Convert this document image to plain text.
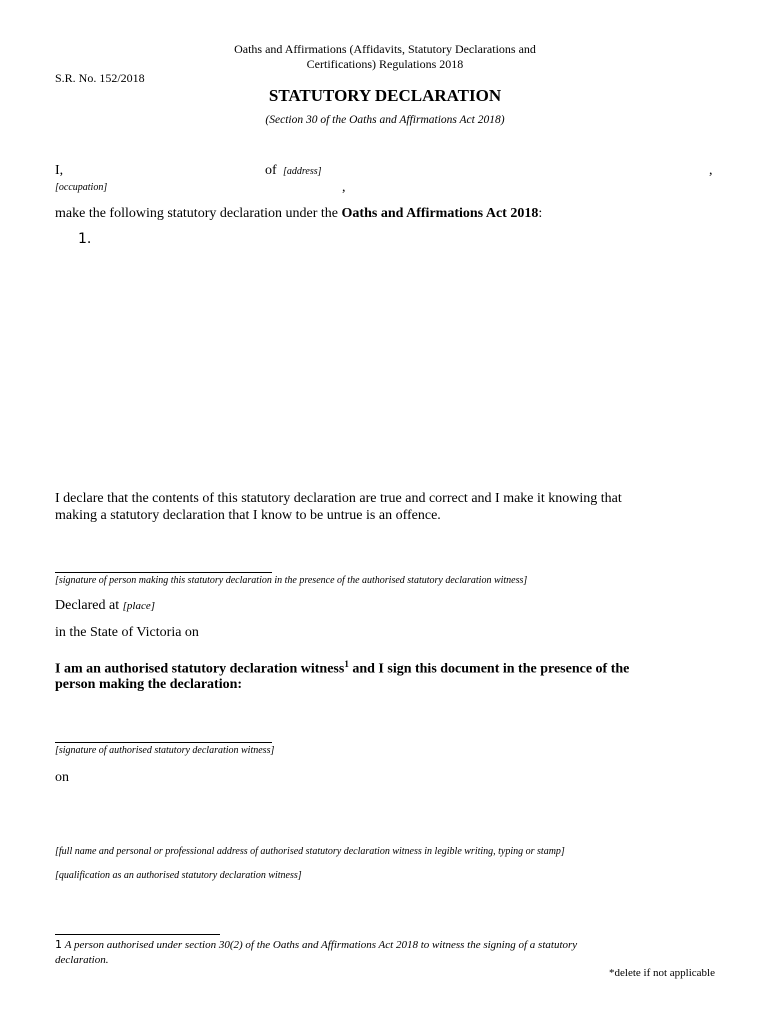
Oaths and Affirmations (Affidavits, Statutory Declarations and
Certifications) Regulations 2018
S.R. No. 152/2018
STATUTORY DECLARATION
(Section 30 of the Oaths and Affirmations Act 2018)
I,	of [address]	,
[occupation]	,
make the following statutory declaration under the Oaths and Affirmations Act 2018:
1.
I declare that the contents of this statutory declaration are true and correct and I make it knowing that
making a statutory declaration that I know to be untrue is an offence.
[signature of person making this statutory declaration in the presence of the authorised statutory declaration witness]
Declared at [place]
in the State of Victoria on
I am an authorised statutory declaration witness$^1$ and I sign this document in the presence of the
person making the declaration:
[signature of authorised statutory declaration witness]
on
[full name and personal or professional address of authorised statutory declaration witness in legible writing, typing or stamp]
[qualification as an authorised statutory declaration witness]
1 A person authorised under section 30(2) of the Oaths and Affirmations Act 2018 to witness the signing of a statutory
declaration.
*delete if not applicable
